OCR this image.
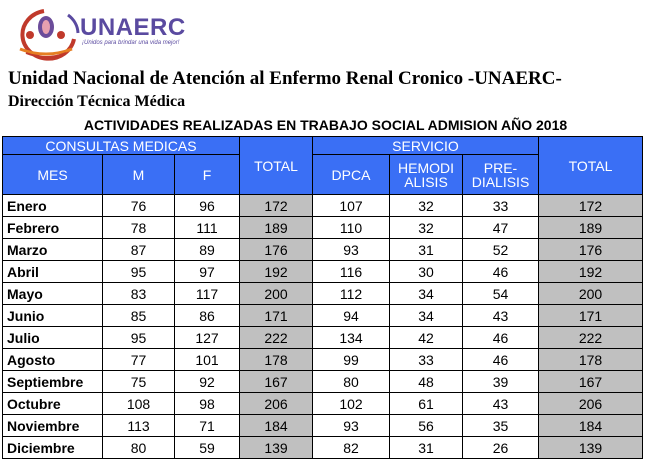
UNAERC
¡Unidos para brindar una vida mejor!
Unidad Nacional de Atención al Enfermo Renal Cronico -UNAERC-
Dirección Técnica Médica
ACTIVIDADES REALIZADAS EN TRABAJO SOCIAL ADMISION AÑO 2018
CONSULTAS MEDICAS			TOTAL	SERVICIO			TOTAL
MES	M	F		DPCA	HEMODI ALISIS	PRE- DIALISIS	
Enero	76	96	172	107	32	33	172
Febrero	78	111	189	110	32	47	189
Marzo	87	89	176	93	31	52	176
Abril	95	97	192	116	30	46	192
Mayo	83	117	200	112	34	54	200
Junio	85	86	171	94	34	43	171
Julio	95	127	222	134	42	46	222
Agosto	77	101	178	99	33	46	178
Septiembre	75	92	167	80	48	39	167
Octubre	108	98	206	102	61	43	206
Noviembre	113	71	184	93	56	35	184
Diciembre	80	59	139	82	31	26	139
